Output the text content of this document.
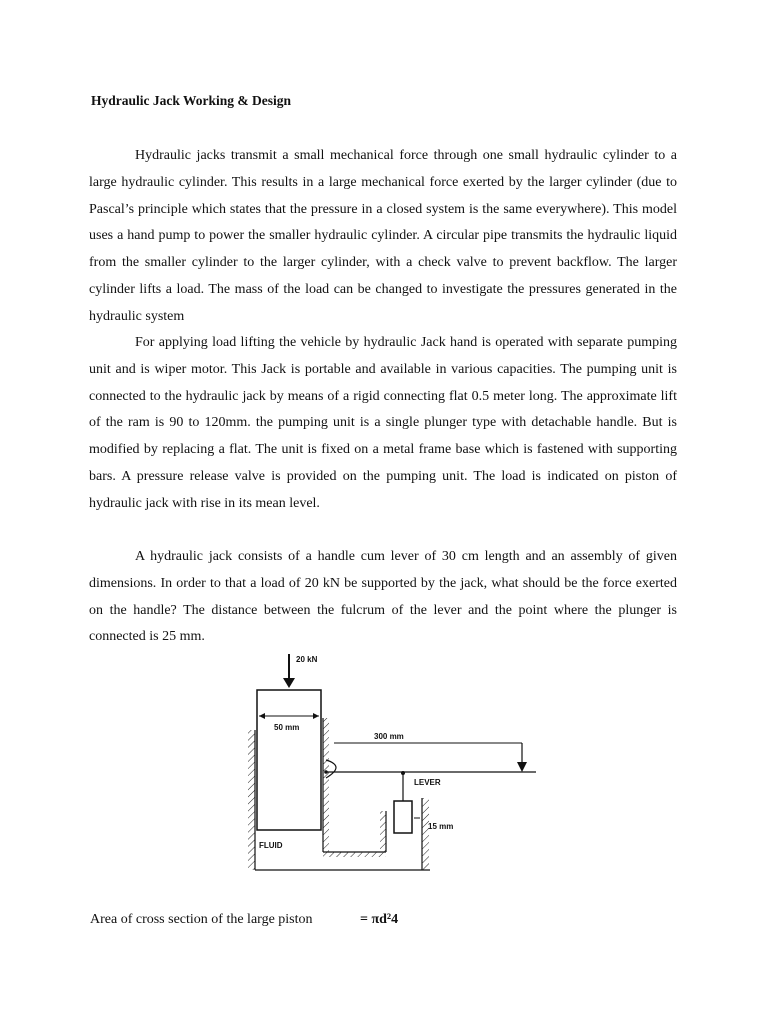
Hydraulic Jack Working & Design

Hydraulic jacks transmit a small mechanical force through one small hydraulic cylinder to a large hydraulic cylinder. This results in a large mechanical force exerted by the larger cylinder (due to Pascal’s principle which states that the pressure in a closed system is the same everywhere). This model uses a hand pump to power the smaller hydraulic cylinder. A circular pipe transmits the hydraulic liquid from the smaller cylinder to the larger cylinder, with a check valve to prevent backflow. The larger cylinder lifts a load. The mass of the load can be changed to investigate the pressures generated in the hydraulic system

For applying load lifting the vehicle by hydraulic Jack hand is operated with separate pumping unit and is wiper motor. This Jack is portable and available in various capacities. The pumping unit is connected to the hydraulic jack by means of a rigid connecting flat 0.5 meter long. The approximate lift of the ram is 90 to 120mm. the pumping unit is a single plunger type with detachable handle. But is modified by replacing a flat. The unit is fixed on a metal frame base which is fastened with supporting bars. A pressure release valve is provided on the pumping unit. The load is indicated on piston of hydraulic jack with rise in its mean level.

A hydraulic jack consists of a handle cum lever of 30 cm length and an assembly of given dimensions. In order to that a load of 20 kN be supported by the jack, what should be the force exerted on the handle? The distance between the fulcrum of the lever and the point where the plunger is connected is 25 mm.

20 kN
50 mm
300 mm
LEVER
15 mm
FLUID

Area of cross section of the large piston	= πd²4
